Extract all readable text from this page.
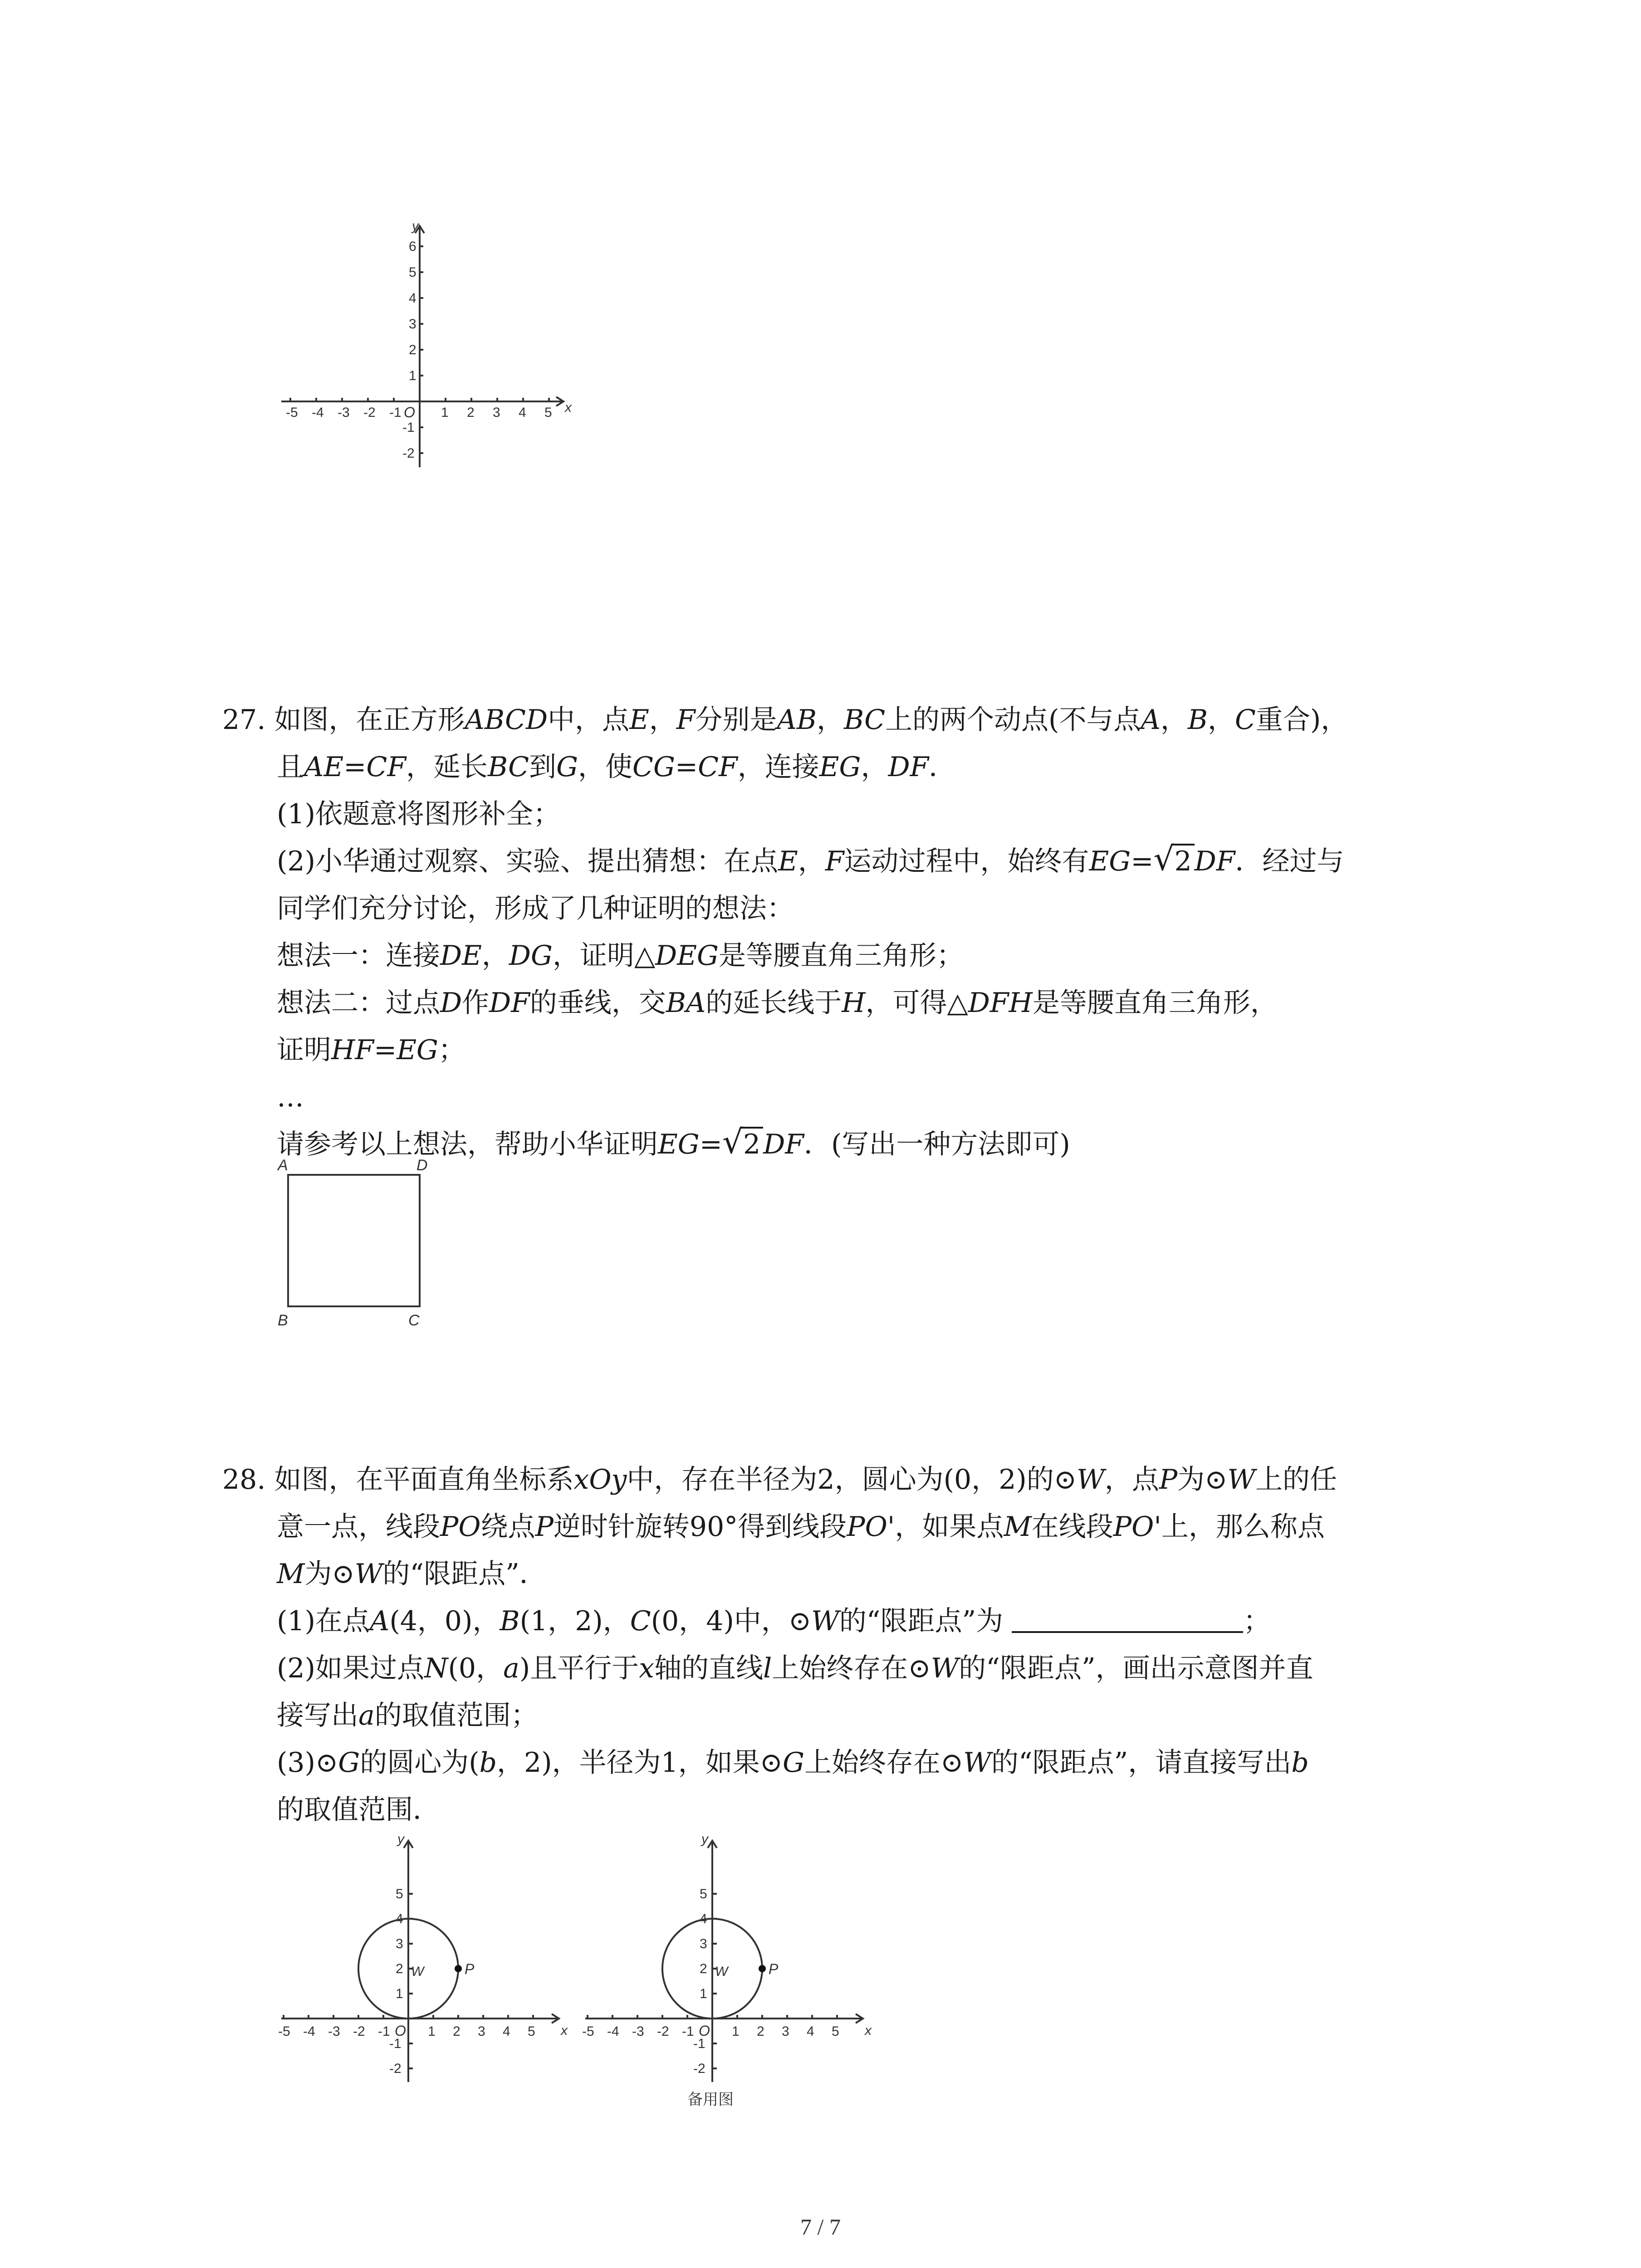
-5 -4 -3 -2 -1	1 2 3 4 5
6
5
4
3
2
1
-1
-2
O	x
y
27. 如图，在正方形ABCD中，点E，F分别是AB，BC上的两个动点(不与点A，B，C重合)，
且AE=CF，延长BC到G，使CG=CF，连接EG，DF．
(1)依题意将图形补全；
(2)小华通过观察、实验、提出猜想：在点E，F运动过程中，始终有EG= √ 2 DF．经过与
同学们充分讨论，形成了几种证明的想法：
想法一：连接DE，DG，证明△DEG是等腰直角三角形；
想法二：过点D作DF的垂线，交BA的延长线于H，可得△DFH是等腰直角三角形，
证明HF=EG；
…
请参考以上想法，帮助小华证明EG= √ 2 DF．(写出一种方法即可)
A	D
B	C
28. 如图，在平面直角坐标系xOy中，存在半径为2，圆心为(0，2)的⊙W，点P为⊙W上的任
意一点，线段PO绕点P逆时针旋转90°得到线段PO'，如果点M在线段PO'上，那么称点
M为⊙W的“限距点”．
(1)在点A(4，0)，B(1，2)，C(0，4)中，⊙W的“限距点”为	；
(2)如果过点N(0，a)且平行于x轴的直线l上始终存在⊙W的“限距点”，画出示意图并直
接写出a的取值范围；
(3)⊙G的圆心为(b，2)，半径为1，如果⊙G上始终存在⊙W的“限距点”，请直接写出b
的取值范围．
-5 -4 -3 -2 -1	1 2 3 4 5
5
4
3
2
1
-1
-2
O	x
y
W	P
-5 -4 -3 -2 -1	1 2 3 4 5
5
4
3
2
1
-1
-2
O	x
y
W	P
备用图
7 / 7
